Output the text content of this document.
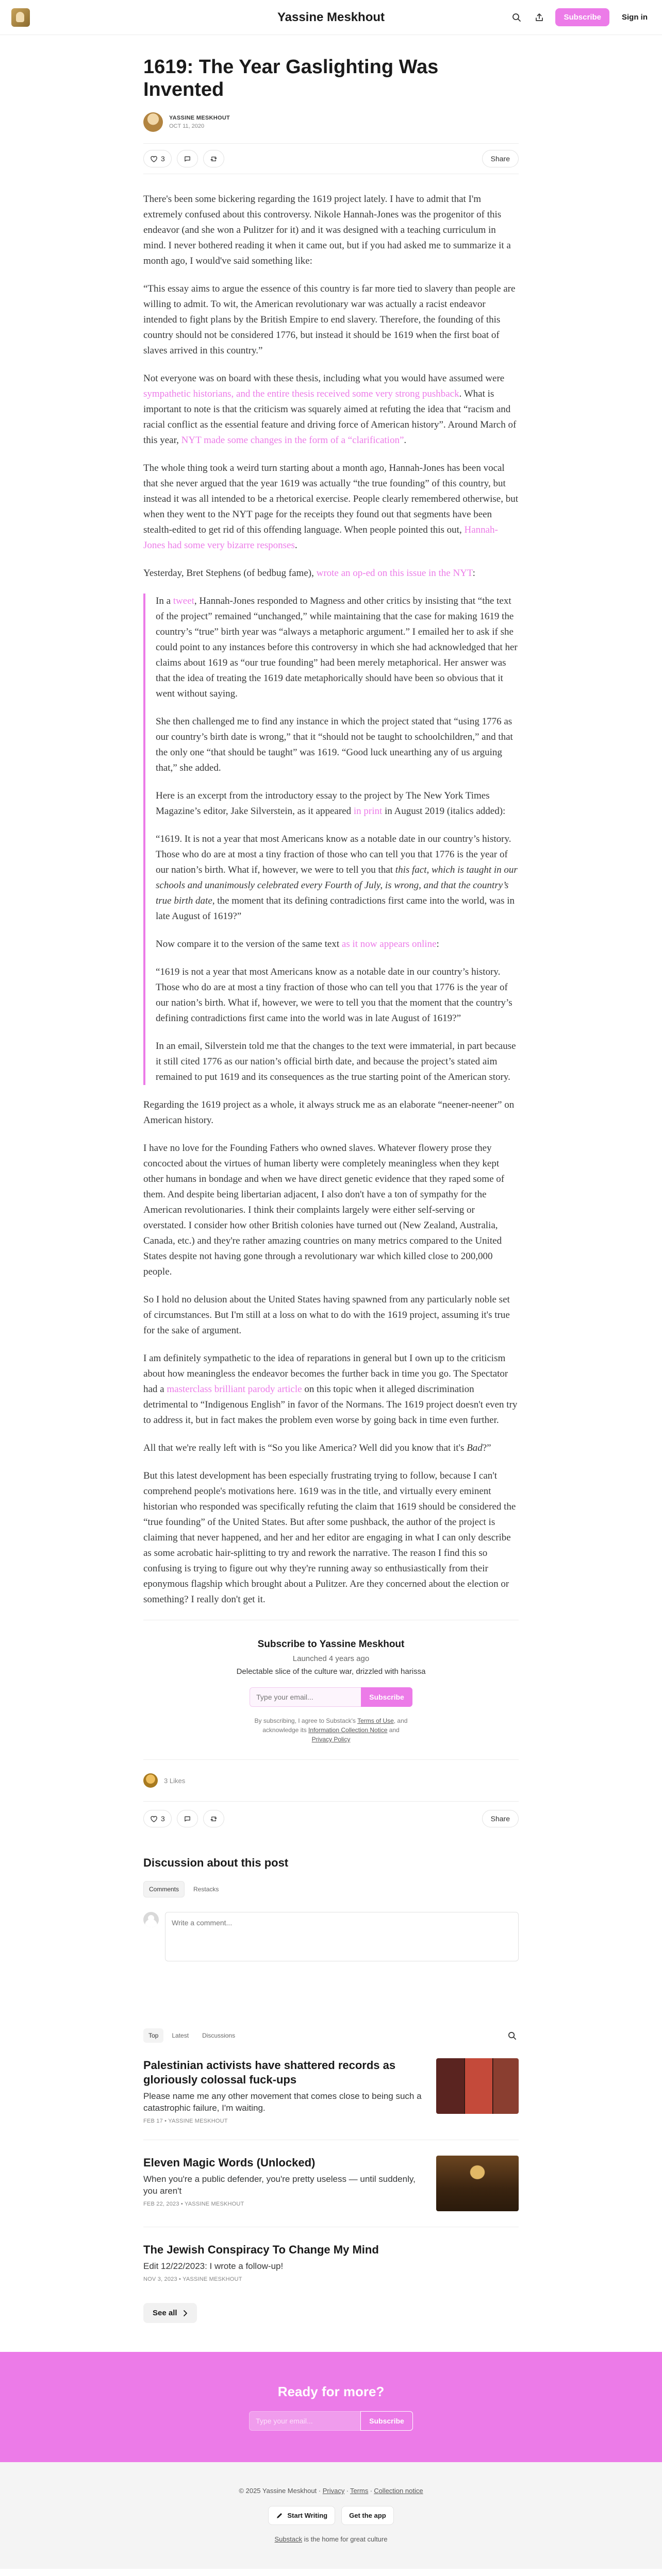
Yassine Meskhout	Subscribe	Sign in
1619: The Year Gaslighting Was Invented
YASSINE MESKHOUT
OCT 11, 2020
3	Share

There's been some bickering regarding the 1619 project lately. I have to admit that I'm extremely confused about this controversy. Nikole Hannah-Jones was the progenitor of this endeavor (and she won a Pulitzer for it) and it was designed with a teaching curriculum in mind. I never bothered reading it when it came out, but if you had asked me to summarize it a month ago, I would've said something like:

“This essay aims to argue the essence of this country is far more tied to slavery than people are willing to admit. To wit, the American revolutionary war was actually a racist endeavor intended to fight plans by the British Empire to end slavery. Therefore, the founding of this country should not be considered 1776, but instead it should be 1619 when the first boat of slaves arrived in this country.”

Not everyone was on board with these thesis, including what you would have assumed were sympathetic historians, and the entire thesis received some very strong pushback. What is important to note is that the criticism was squarely aimed at refuting the idea that “racism and racial conflict as the essential feature and driving force of American history”. Around March of this year, NYT made some changes in the form of a “clarification”.

The whole thing took a weird turn starting about a month ago, Hannah-Jones has been vocal that she never argued that the year 1619 was actually “the true founding” of this country, but instead it was all intended to be a rhetorical exercise. People clearly remembered otherwise, but when they went to the NYT page for the receipts they found out that segments have been stealth-edited to get rid of this offending language. When people pointed this out, Hannah-Jones had some very bizarre responses.

Yesterday, Bret Stephens (of bedbug fame), wrote an op-ed on this issue in the NYT:

In a tweet, Hannah-Jones responded to Magness and other critics by insisting that “the text of the project” remained “unchanged,” while maintaining that the case for making 1619 the country’s “true” birth year was “always a metaphoric argument.” I emailed her to ask if she could point to any instances before this controversy in which she had acknowledged that her claims about 1619 as “our true founding” had been merely metaphorical. Her answer was that the idea of treating the 1619 date metaphorically should have been so obvious that it went without saying.

She then challenged me to find any instance in which the project stated that “using 1776 as our country’s birth date is wrong,” that it “should not be taught to schoolchildren,” and that the only one “that should be taught” was 1619. “Good luck unearthing any of us arguing that,” she added.

Here is an excerpt from the introductory essay to the project by The New York Times Magazine’s editor, Jake Silverstein, as it appeared in print in August 2019 (italics added):

“1619. It is not a year that most Americans know as a notable date in our country’s history. Those who do are at most a tiny fraction of those who can tell you that 1776 is the year of our nation’s birth. What if, however, we were to tell you that this fact, which is taught in our schools and unanimously celebrated every Fourth of July, is wrong, and that the country’s true birth date, the moment that its defining contradictions first came into the world, was in late August of 1619?”

Now compare it to the version of the same text as it now appears online:

“1619 is not a year that most Americans know as a notable date in our country’s history. Those who do are at most a tiny fraction of those who can tell you that 1776 is the year of our nation’s birth. What if, however, we were to tell you that the moment that the country’s defining contradictions first came into the world was in late August of 1619?”

In an email, Silverstein told me that the changes to the text were immaterial, in part because it still cited 1776 as our nation’s official birth date, and because the project’s stated aim remained to put 1619 and its consequences as the true starting point of the American story.

Regarding the 1619 project as a whole, it always struck me as an elaborate “neener-neener” on American history.

I have no love for the Founding Fathers who owned slaves. Whatever flowery prose they concocted about the virtues of human liberty were completely meaningless when they kept other humans in bondage and when we have direct genetic evidence that they raped some of them. And despite being libertarian adjacent, I also don't have a ton of sympathy for the American revolutionaries. I think their complaints largely were either self-serving or overstated. I consider how other British colonies have turned out (New Zealand, Australia, Canada, etc.) and they're rather amazing countries on many metrics compared to the United States despite not having gone through a revolutionary war which killed close to 200,000 people.

So I hold no delusion about the United States having spawned from any particularly noble set of circumstances. But I'm still at a loss on what to do with the 1619 project, assuming it's true for the sake of argument.

I am definitely sympathetic to the idea of reparations in general but I own up to the criticism about how meaningless the endeavor becomes the further back in time you go. The Spectator had a masterclass brilliant parody article on this topic when it alleged discrimination detrimental to “Indigenous English” in favor of the Normans. The 1619 project doesn't even try to address it, but in fact makes the problem even worse by going back in time even further.

All that we're really left with is “So you like America? Well did you know that it's Bad?”

But this latest development has been especially frustrating trying to follow, because I can't comprehend people's motivations here. 1619 was in the title, and virtually every eminent historian who responded was specifically refuting the claim that 1619 should be considered the “true founding” of the United States. But after some pushback, the author of the project is claiming that never happened, and her and her editor are engaging in what I can only describe as some acrobatic hair-splitting to try and rework the narrative. The reason I find this so confusing is trying to figure out why they're running away so enthusiastically from their eponymous flagship which brought about a Pulitzer. Are they concerned about the election or something? I really don't get it.

Subscribe to Yassine Meskhout
Launched 4 years ago
Delectable slice of the culture war, drizzled with harissa
Type your email...
Subscribe

By subscribing, I agree to Substack's Terms of Use, and acknowledge its Information Collection Notice and Privacy Policy

3 Likes
3	Share
Discussion about this post
Comments	Restacks
Write a comment...
Top	Latest	Discussions
Palestinian activists have shattered records as gloriously colossal fuck-ups
Please name me any other movement that comes close to being such a catastrophic failure, I'm waiting.
FEB 17 • YASSINE MESKHOUT
Eleven Magic Words (Unlocked)
When you're a public defender, you're pretty useless — until suddenly, you aren't
FEB 22, 2023 • YASSINE MESKHOUT
The Jewish Conspiracy To Change My Mind
Edit 12/22/2023: I wrote a follow-up!
NOV 3, 2023 • YASSINE MESKHOUT
See all
Ready for more?
Type your email...
Subscribe
© 2025 Yassine Meskhout · Privacy ∙ Terms ∙ Collection notice
Start Writing	Get the app
Substack is the home for great culture
